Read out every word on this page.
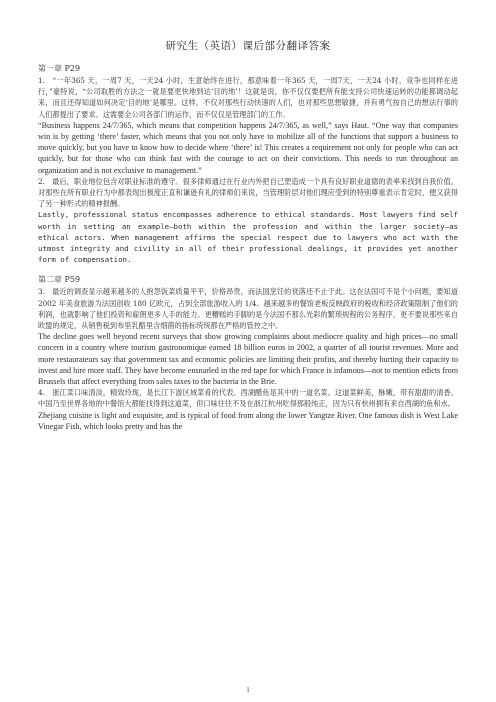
研究生（英语）课后部分翻译答案
第一章 P29

1.　“一年365 天，一周7 天，一天24 小时，生意始终在进行，那意味着一年365 天，一周7天，一天24 小时，竞争也同样在进行，”豪特说，“公司取胜的方法之一就是要更快地到达‘目的地’！这就是说，你不仅仅要把所有能支持公司快速运转的功能都调动起来，而且还得知道如何决定‘目的地’是哪里。这样，不仅对那些行动快速的人们，也对那些思想敏捷，并有勇气按自己的想法行事的人们都提出了要求。这需要全公司各部门的运作，而不仅仅是管理部门的工作。

“Business happens 24/7/365, which means that competition happens 24/7/365, as well,” says Haut. “One way that companies win is by getting ‘there’ faster, which means that you not only have to mobilize all of the functions that support a business to move quickly, but you have to know how to decide where ‘there’ is! This creates a requirement not only for people who can act quickly, but for those who can think fast with the courage to act on their convictions. This needs to run throughout an organization and is not exclusive to management.”

2.　最后，职业地位包含对职业标准的遵守。很多律师通过在行业内外把自己塑造成一个具有良好职业道德的表率来找到自我价值。对那些在所有职业行为中都表现出极度正直和谦逊有礼的律师们来说，当管理阶层对他们理应受到的特别尊重表示肯定时，便又获得了另一种形式的精神报酬。

Lastly, professional status encompasses adherence to ethical standards. Most lawyers find self worth in setting an example—both within the profession and within the larger society—as ethical actors. When management affirms the special respect due to lawyers who act with the utmost integrity and civility in all of their professional dealings, it provides yet another form of compensation.

第二章 P59

3.　最近的调查显示越来越多的人抱怨饭菜质量平平，价格昂贵，而法国烹饪的衰落还不止于此。这在法国可不是个小问题，要知道 2002 年美食旅游为法国创收 180 亿欧元，占到全部旅游收入的 1/4。越来越多的餐馆老板反映政府的税收和经济政策限制了他们的利润，也就影响了他们投资和雇佣更多人手的能力。更糟糕的手脚的是今法国不那么光彩的繁琐规程的公务程序，更不要说那些来自欧盟的规定，从销售税到布里乳酪里含细菌的指标统统都在严格的管控之中。

The decline goes well beyond recent surveys that show growing complaints about mediocre quality and high prices—no small concern in a country where tourism gastronomique earned 18 billion euros in 2002, a quarter of all tourist revenues. More and more restaurateurs say that government tax and economic policies are limiting their profits, and thereby hurting their capacity to invest and hire more staff. They have become ensnarled in the red tape for which France is infamous—not to mention edicts from Brussels that affect everything from sales taxes to the bacteria in the Brie.

4.　浙江菜口味清淡，精致玲珑，是长江下游区域菜肴的代表。西湖醋鱼是其中的一道名菜。这道菜鲜美，酥嫩，带有甜甜的清香。中国乃至世界各地的中餐馆大都能找得到这道菜，但口味往往不及在浙江杭州吃得那般纯正，因为只有杭州拥有来自西湖的鱼和水。

Zhejiang cuisine is light and exquisite, and is typical of food from along the lower Yangtze River. One famous dish is West Lake Vinegar Fish, which looks pretty and has the

1
